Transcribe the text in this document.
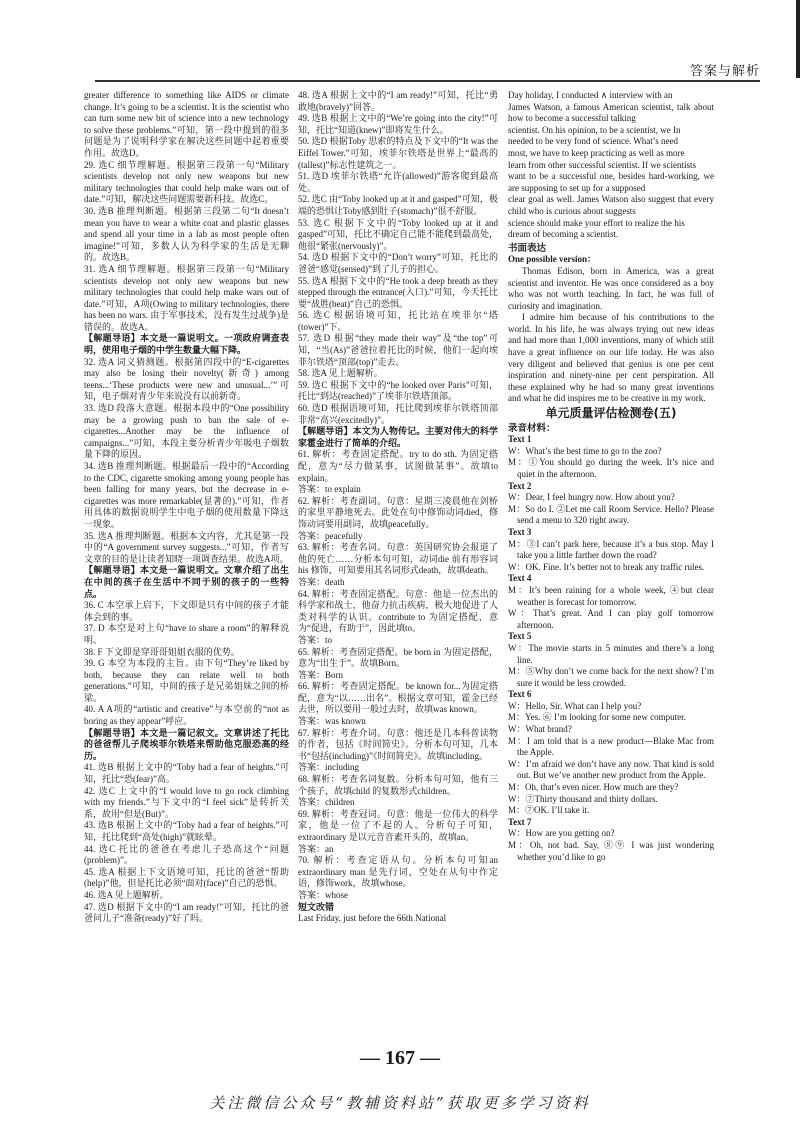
答案与解析

greater difference to something like AIDS or climate change. It’s going to be a scientist. It is the scientist who can turn some new bit of science into a new technology to solve these problems.”可知，第一段中提到的很多问题是为了说明科学家在解决这些问题中起着重要作用。故选D。

29. 选C 细节理解题。根据第三段第一句“Military scientists develop not only new weapons but new military technologies that could help make wars out of date.”可知，解决这些问题需要新科技。故选C。

30. 选B 推理判断题。根据第三段第二句“It doesn’t mean you have to wear a white coat and plastic glasses and spend all your time in a lab as most people often imagine!”可知，多数人认为科学家的生活是无聊的。故选B。

31. 选A 细节理解题。根据第三段第一句“Military scientists develop not only new weapons but new military technologies that could help make wars out of date.”可知，A项(Owing to military technologies, there has been no wars. 由于军事技术，没有发生过战争)是错误的。故选A。

【解题导语】本文是一篇说明文。一项政府调查表明，使用电子烟的中学生数量大幅下降。

32. 选A 词义猜测题。根据第四段中的“E-cigarettes may also be losing their novelty(新奇) among teens...‘These products were new and unusual...’”可知，电子烟对青少年来说没有以前新奇。

33. 选D 段落大意题。根据本段中的“One possibility may be a growing push to ban the sale of e-cigarettes...Another may be the influence of campaigns...”可知，本段主要分析青少年吸电子烟数量下降的原因。

34. 选B 推理判断题。根据最后一段中的“According to the CDC, cigarette smoking among young people has been falling for many years, but the decrease in e-cigarettes was more remarkable(显著的).”可知，作者用具体的数据说明学生中电子烟的使用数量下降这一现象。

35. 选A 推理判断题。根据本文内容，尤其是第一段中的“A government survey suggests...”可知，作者写文章的目的是让读者知晓一项调查结果。故选A项。

【解题导语】本文是一篇说明文。文章介绍了出生在中间的孩子在生活中不同于别的孩子的一些特点。

36. C 本空承上启下，下文即是只有中间的孩子才能体会到的事。

37. D 本空是对上句“have to share a room”的解释说明。

38. F 下文即是穿哥哥姐姐衣服的优势。

39. G 本空为本段的主旨。由下句“They’re liked by both, because they can relate well to both generations.”可知，中间的孩子是兄弟姐妹之间的桥梁。

40. A A项的“artistic and creative”与本空前的“not as boring as they appear”呼应。

【解题导语】本文是一篇记叙文。文章讲述了托比的爸爸帮儿子爬埃菲尔铁塔来帮助他克服恐高的经历。

41. 选B 根据上文中的“Toby had a fear of heights.”可知，托比“恐(fear)”高。

42. 选C 上文中的“I would love to go rock climbing with my friends.”与下文中的“I feel sick”是转折关系，故用“但是(But)”。

43. 选B 根据上文中的“Toby had a fear of heights.”可知，托比爬到“高处(high)”就眩晕。

44. 选C 托比的爸爸在考虑儿子恐高这个“问题(problem)”。

45. 选A 根据上下文语境可知，托比的爸爸“帮助(help)”他，但是托比必须“面对(face)”自己的恐惧。

46. 选A 见上题解析。

47. 选D 根据下文中的“I am ready!”可知，托比的爸爸问儿子“准备(ready)”好了吗。

48. 选A 根据上文中的“I am ready!”可知，托比“勇敢地(bravely)”回答。

49. 选B 根据上文中的“We’re going into the city!”可知，托比“知道(knew)”即将发生什么。

50. 选D 根据Toby 思索的特点及下文中的“It was the Eiffel Tower.”可知，埃菲尔铁塔是世界上“最高的(tallest)”标志性建筑之一。

51. 选D 埃菲尔铁塔“允许(allowed)”游客爬到最高处。

52. 选C 由“Toby looked up at it and gasped”可知，极端的恐惧让Toby感到肚子(stomach)”很不舒服。

53. 选C 根据下文中的“Toby looked up at it and gasped”可知，托比不确定自己能不能爬到最高处，他很“紧张(nervously)”。

54. 选D 根据下文中的“Don’t worry”可知，托比的爸爸“感觉(sensed)”到了儿子的担心。

55. 选A 根据下文中的“He took a deep breath as they stepped through the entrance(入口).”可知，今天托比要“战胜(beat)”自己的恐惧。

56. 选C 根据语境可知，托比站在埃菲尔“塔(tower)”下。

57. 选D 根据“they made their way”及“the top”可知，“当(As)”爸爸拉着托比的时候，他们一起向埃菲尔铁塔“顶部(top)”走去。

58. 选A 见上题解析。

59. 选C 根据下文中的“he looked over Paris”可知，托比“到达(reached)”了埃菲尔铁塔顶部。

60. 选D 根据语境可知，托比爬到埃菲尔铁塔顶部非常“高兴(excitedly)”。

【解题导语】本文为人物传记。主要对伟大的科学家霍金进行了简单的介绍。

61. 解析：考查固定搭配。try to do sth. 为固定搭配，意为“尽力做某事，试图做某事”。故填to explain。

答案：to explain

62. 解析：考查副词。句意：星期三凌晨他在剑桥的家里平静地死去。此处在句中修饰动词died，修饰动词要用副词，故填peacefully。

答案：peacefully

63. 解析：考查名词。句意：英国研究协会报道了他的死亡……分析本句可知，动词die 前有形容词his 修饰，可知要用其名词形式death，故填death。

答案：death

64. 解析：考查固定搭配。句意：他是一位杰出的科学家和战士，他奋力抗击疾病，极大地促进了人类对科学的认识。contribute to 为固定搭配，意为“促进，有助于”，因此填to。

答案：to

65. 解析：考查固定搭配。be born in 为固定搭配，意为“出生于”。故填Born。

答案：Born

66. 解析：考查固定搭配。be known for...为固定搭配，意为“以……出名”。根据文章可知，霍金已经去世，所以要用一般过去时，故填was known。

答案：was known

67. 解析：考查介词。句意：他还是几本科普读物的作者，包括《时间简史》。分析本句可知，几本书“包括(including)”《时间简史》。故填including。

答案：including

68. 解析：考查名词复数。分析本句可知，他有三个孩子，故填child 的复数形式children。

答案：children

69. 解析：考查冠词。句意：他是一位伟大的科学家，他是一位了不起的人。分析句子可知，extraordinary 是以元音音素开头的，故填an。

答案：an

70. 解析：考查定语从句。分析本句可知an extraordinary man 是先行词，空处在从句中作定语，修饰work，故填whose。

答案：whose

短文改错

Last Friday, just before the 66th National

Day holiday, I conducted ∧ interview with an

James Watson, a famous American scientist, talk about how to become a successful talking

scientist. On his opinion, to be a scientist, we In

needed to be very fond of science. What’s need

most, we have to keep practicing as well as more

learn from other successful scientist. If we scientists

want to be a successful one, besides hard-working, we are supposing to set up for a supposed

clear goal as well. James Watson also suggest that every child who is curious about suggests

science should make your effort to realize the his

dream of becoming a scientist.

书面表达

One possible version：

Thomas Edison, born in America, was a great scientist and inventor. He was once considered as a boy who was not worth teaching. In fact, he was full of curiosity and imagination.

I admire him because of his contributions to the world. In his life, he was always trying out new ideas and had more than 1,000 inventions, many of which still have a great influence on our life today. He was also very diligent and believed that genius is one per cent inspiration and ninety-nine per cent perspiration. All these explained why he had so many great inventions and what he did inspires me to be creative in my work.

单元质量评估检测卷(五)

录音材料：

Text 1

W：What’s the best time to go to the zoo?

M：①You should go during the week. It’s nice and quiet in the afternoon.

Text 2

W：Dear, I feel hungry now. How about you?

M：So do I. ②Let me call Room Service. Hello? Please send a menu to 320 right away.

Text 3

M：③I can’t park here, because it’s a bus stop. May I take you a little farther down the road?

W：OK. Fine. It’s better not to break any traffic rules.

Text 4

M：It’s been raining for a whole week, ④but clear weather is forecast for tomorrow.

W：That’s great. And I can play golf tomorrow afternoon.

Text 5

W：The movie starts in 5 minutes and there’s a long line.

M：⑤Why don’t we come back for the next show? I’m sure it would be less crowded.

Text 6

W：Hello, Sir. What can I help you?

M：Yes. ⑥ I’m looking for some new computer.

W：What brand?

M：I am told that is a new product—Blake Mac from the Apple.

W：I’m afraid we don’t have any now. That kind is sold out. But we’ve another new product from the Apple.

M：Oh, that’s even nicer. How much are they?

W：⑦Thirty thousand and thirty dollars.

M：⑦OK. I’ll take it.

Text 7

W：How are you getting on?

M：Oh, not bad. Say, ⑧⑨ I was just wondering whether you’d like to go

— 167 —
关注微信公众号“教辅资料站”获取更多学习资料
